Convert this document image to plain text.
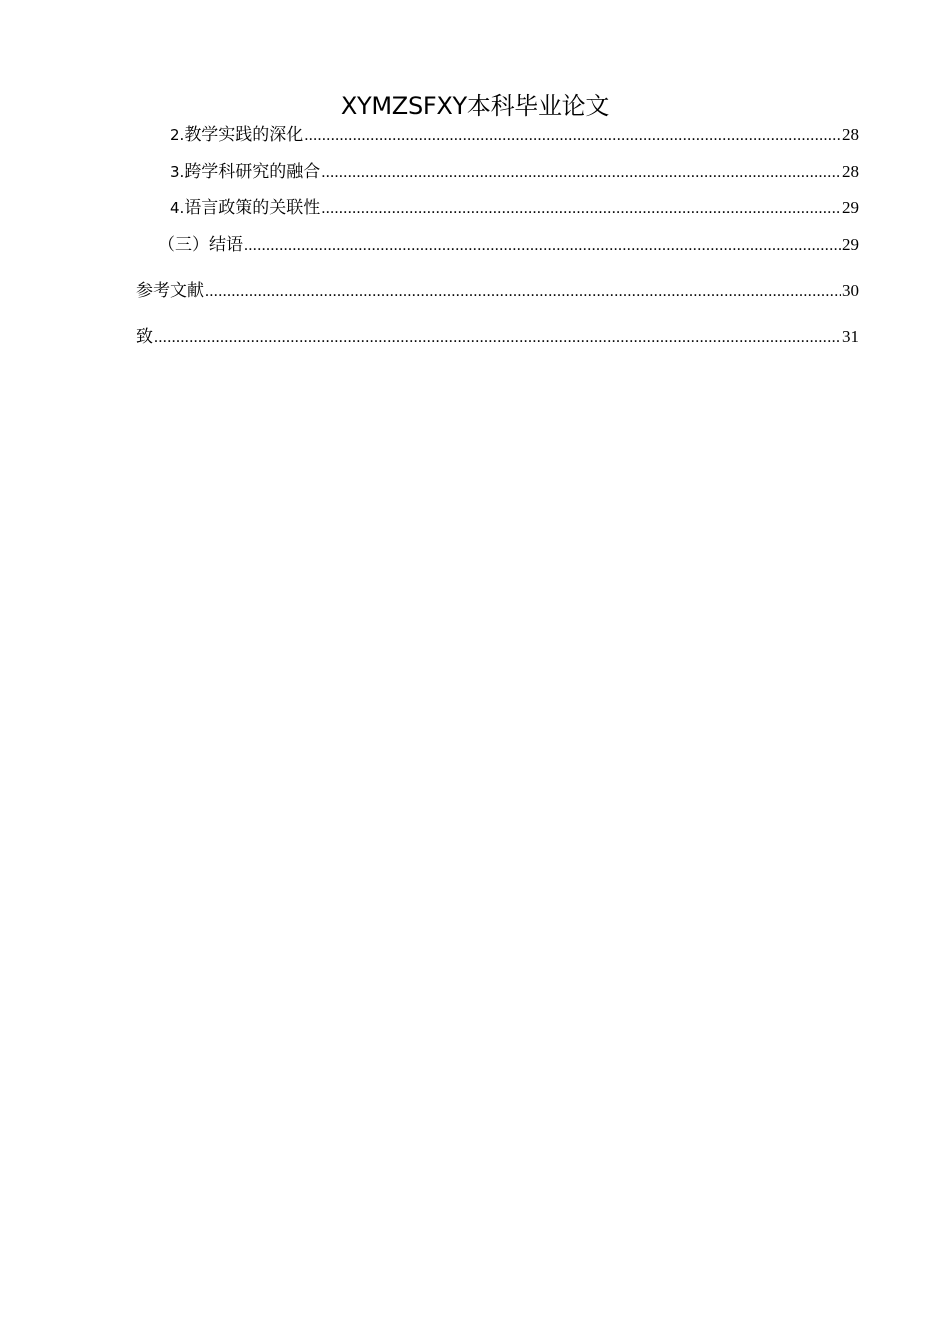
XYMZSFXY本科毕业论文
2. 教学实践的深化 .....	28
3. 跨学科研究的融合 .....	28
4. 语言政策的关联性 .....	29
（三）结语 .....	29
参考文献 .....	30
致 .....	31
